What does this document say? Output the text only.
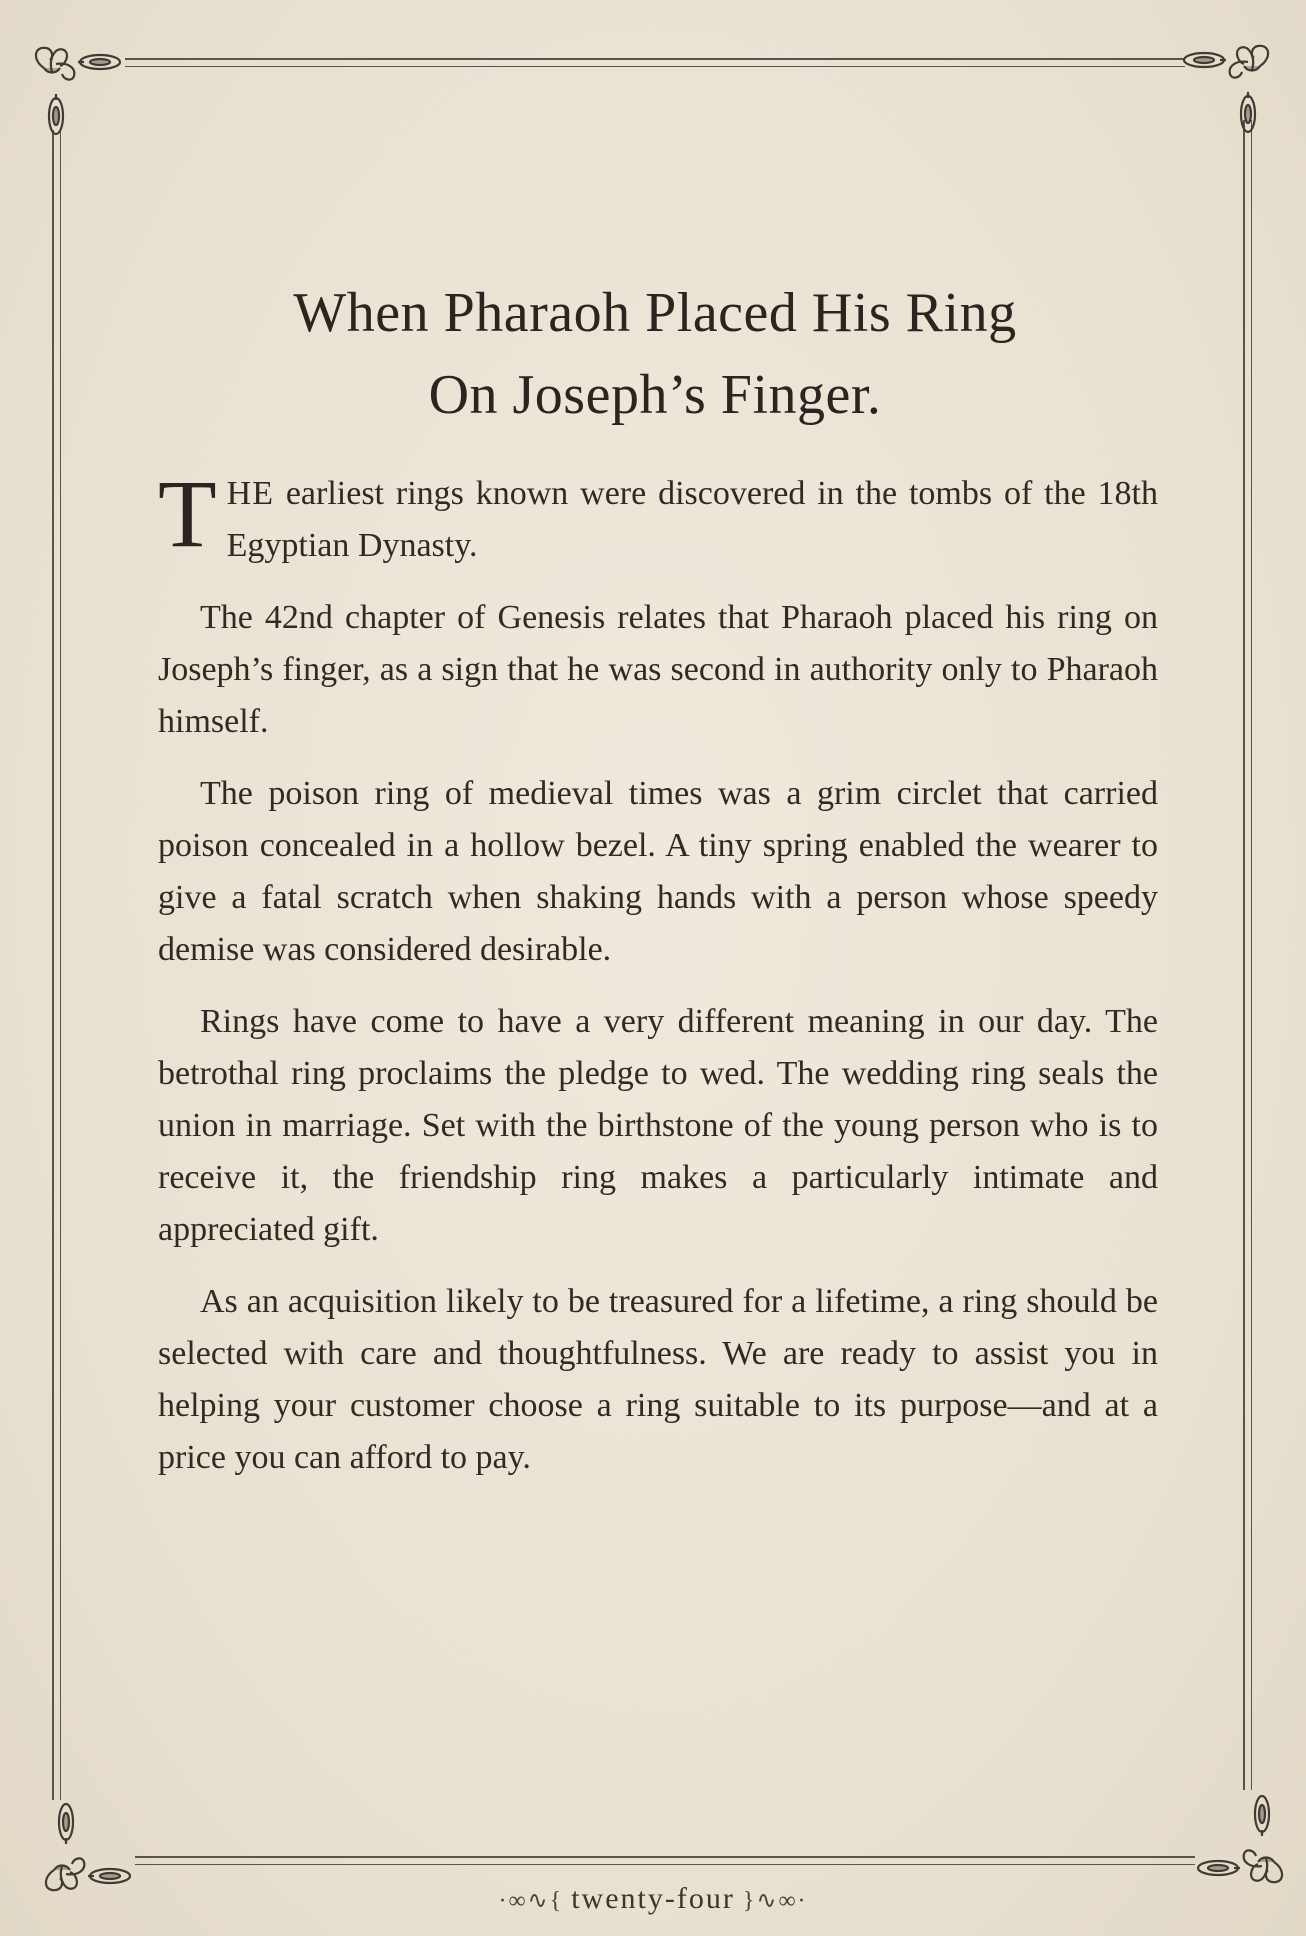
When Pharaoh Placed His Ring
On Joseph’s Finger.

THE earliest rings known were discovered in the tombs of the 18th Egyptian Dynasty.

The 42nd chapter of Genesis relates that Pharaoh placed his ring on Joseph’s finger, as a sign that he was second in authority only to Pharaoh himself.

The poison ring of medieval times was a grim circlet that carried poison concealed in a hollow bezel. A tiny spring enabled the wearer to give a fatal scratch when shaking hands with a person whose speedy demise was considered desirable.

Rings have come to have a very different meaning in our day. The betrothal ring proclaims the pledge to wed. The wedding ring seals the union in marriage. Set with the birthstone of the young person who is to receive it, the friendship ring makes a particularly intimate and appreciated gift.

As an acquisition likely to be treasured for a lifetime, a ring should be selected with care and thoughtfulness. We are ready to assist you in helping your customer choose a ring suitable to its purpose—and at a price you can afford to pay.

·∞∿{ twenty-four }∿∞·
